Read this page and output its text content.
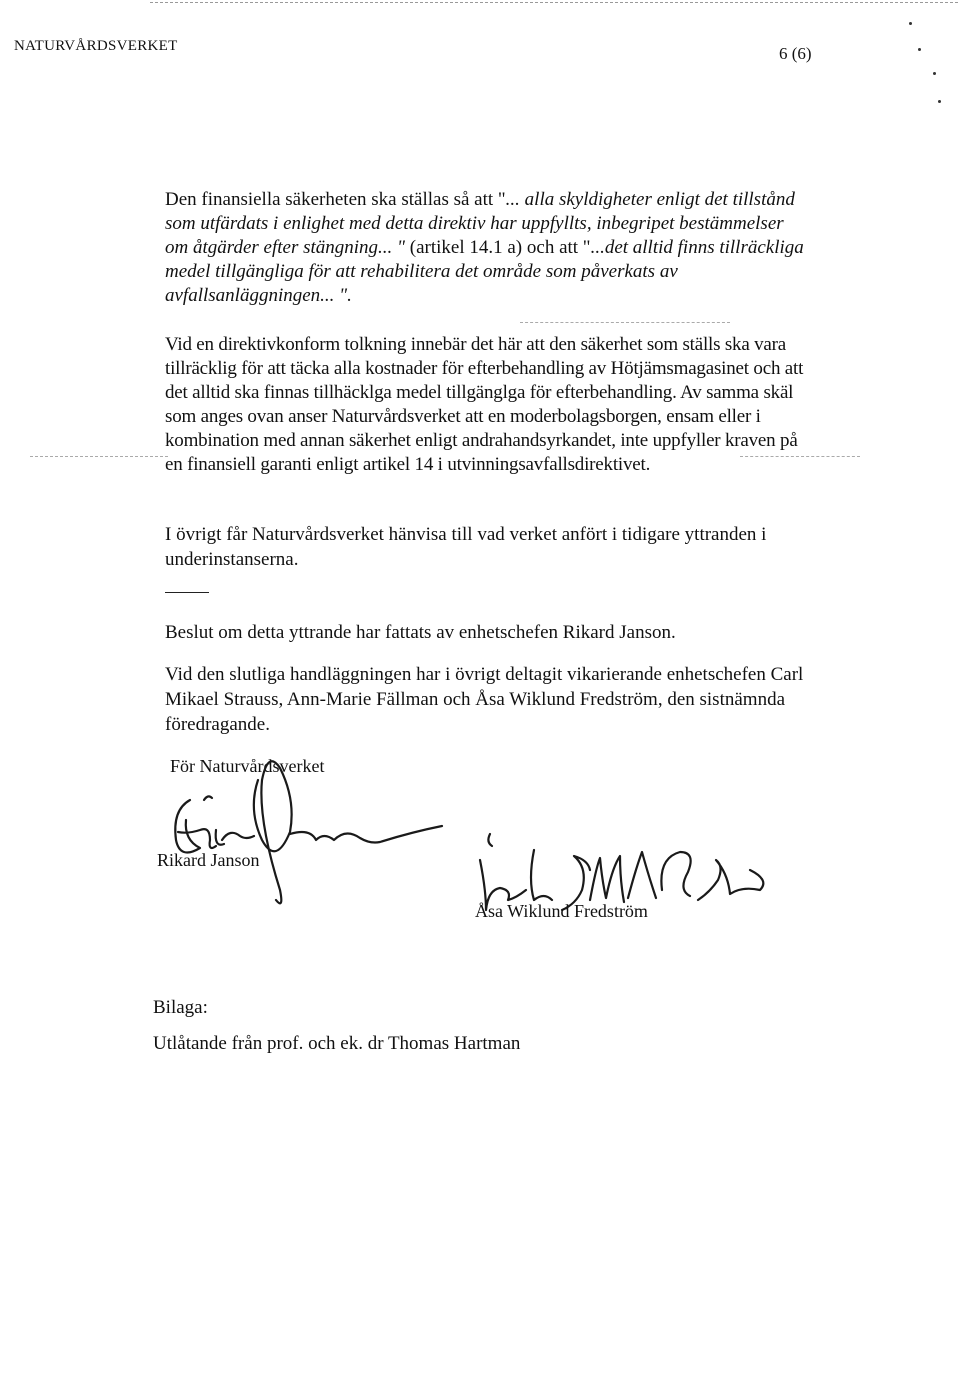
NATURVÅRDSVERKET	6 (6)
Den finansiella säkerheten ska ställas så att "... alla skyldigheter enligt det tillstånd som utfärdats i enlighet med detta direktiv har uppfyllts, inbegripet bestämmelser om åtgärder efter stängning... " (artikel 14.1 a) och att "...det alltid finns tillräckliga medel tillgängliga för att rehabilitera det område som påverkats av avfallsanläggningen... ".

Vid en direktivkonform tolkning innebär det här att den säkerhet som ställs ska vara tillräcklig för att täcka alla kostnader för efterbehandling av Hötjämsmagasinet och att det alltid ska finnas tillhäcklga medel tillgänglga för efterbehandling. Av samma skäl som anges ovan anser Naturvårdsverket att en moderbolagsborgen, ensam eller i kombination med annan säkerhet enligt andrahandsyrkandet, inte uppfyller kraven på en finansiell garanti enligt artikel 14 i utvinningsavfallsdirektivet.

I övrigt får Naturvårdsverket hänvisa till vad verket anfört i tidigare yttranden i underinstanserna.

Beslut om detta yttrande har fattats av enhetschefen Rikard Janson.

Vid den slutliga handläggningen har i övrigt deltagit vikarierande enhetschefen Carl Mikael Strauss, Ann-Marie Fällman och Åsa Wiklund Fredström, den sistnämnda föredragande.

För Naturvårdsverket
Rikard Janson
Åsa Wiklund Fredström
Bilaga:
Utlåtande från prof. och ek. dr Thomas Hartman
